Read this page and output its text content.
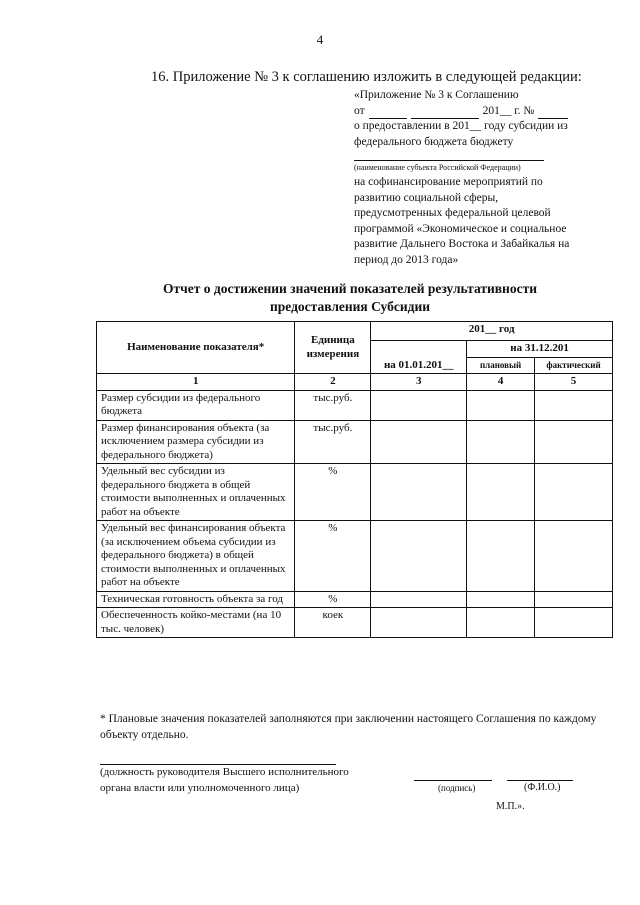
4
16. Приложение № 3 к соглашению изложить в следующей редакции:
«Приложение № 3 к Соглашению
от	201__ г. №
о предоставлении в 201__ году субсидии из
федерального бюджета бюджету
(наименование субъекта Российской Федерации)
на софинансирование мероприятий по
развитию социальной сферы,
предусмотренных федеральной целевой
программой «Экономическое и социальное
развитие Дальнего Востока и Забайкалья на
период до 2013 года»
Отчет о достижении значений показателей результативности
предоставления Субсидии
Наименование показателя*	Единица измерения	201__ год		
		на 01.01.201__	на 31.12.201	
			плановый	фактический
1	2	3	4	5
Размер субсидии из федерального бюджета	тыс.руб.			
Размер финансирования объекта (за исключением размера субсидии из федерального бюджета)	тыс.руб.			
Удельный вес субсидии из федерального бюджета в общей стоимости выполненных и оплаченных работ на объекте	%			
Удельный вес финансирования объекта (за исключением объема субсидии из федерального бюджета) в общей стоимости выполненных и оплаченных работ на объекте	%			
Техническая готовность объекта за год	%			
Обеспеченность койко-местами (на 10 тыс. человек)	коек			
* Плановые значения показателей заполняются при заключении настоящего Соглашения по каждому объекту отдельно.
(должность руководителя Высшего исполнительного
органа власти или уполномоченного лица)	(подпись)	(Ф.И.О.)
М.П.».
